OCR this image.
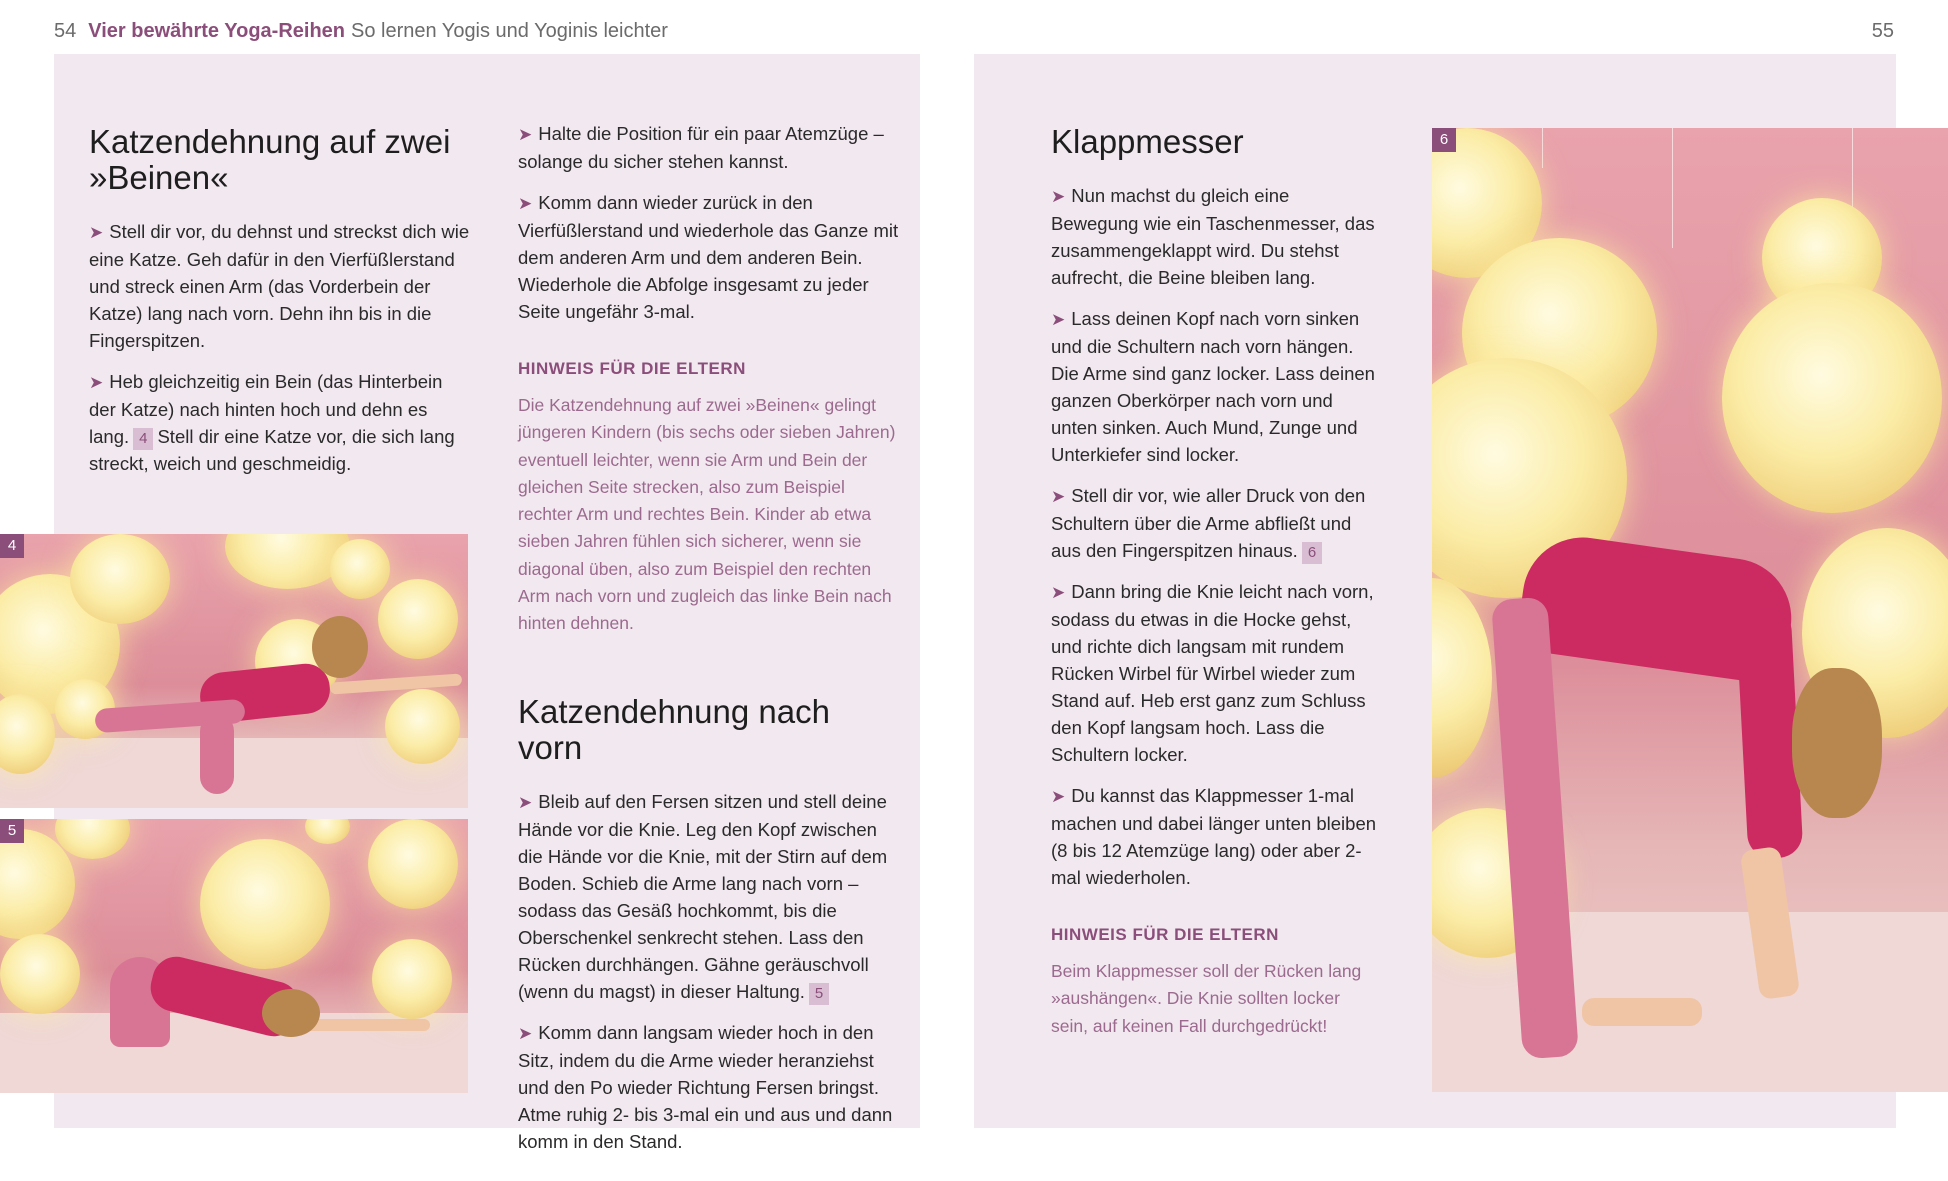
54 Vier bewährte Yoga-Reihen So lernen Yogis und Yoginis leichter	55
Katzendehnung auf zwei »Beinen«

➤ Stell dir vor, du dehnst und streckst dich wie eine Katze. Geh dafür in den Vierfüßlerstand und streck einen Arm (das Vorderbein der Katze) lang nach vorn. Dehn ihn bis in die Fingerspitzen.

➤ Heb gleichzeitig ein Bein (das Hinterbein der Katze) nach hinten hoch und dehn es lang. 4 Stell dir eine Katze vor, die sich lang streckt, weich und geschmeidig.

4
5

➤ Halte die Position für ein paar Atemzüge – solange du sicher stehen kannst.

➤ Komm dann wieder zurück in den Vierfüßlerstand und wiederhole das Ganze mit dem anderen Arm und dem anderen Bein. Wiederhole die Abfolge insgesamt zu jeder Seite ungefähr 3-mal.

HINWEIS FÜR DIE ELTERN
Die Katzendehnung auf zwei »Beinen« gelingt jüngeren Kindern (bis sechs oder sieben Jahren) eventuell leichter, wenn sie Arm und Bein der gleichen Seite strecken, also zum Beispiel rechter Arm und rechtes Bein. Kinder ab etwa sieben Jahren fühlen sich sicherer, wenn sie diagonal üben, also zum Beispiel den rechten Arm nach vorn und zugleich das linke Bein nach hinten dehnen.
Katzendehnung nach vorn

➤ Bleib auf den Fersen sitzen und stell deine Hände vor die Knie. Leg den Kopf zwischen die Hände vor die Knie, mit der Stirn auf dem Boden. Schieb die Arme lang nach vorn – sodass das Gesäß hochkommt, bis die Oberschenkel senkrecht stehen. Lass den Rücken durchhängen. Gähne geräuschvoll (wenn du magst) in dieser Haltung. 5

➤ Komm dann langsam wieder hoch in den Sitz, indem du die Arme wieder heranziehst und den Po wieder Richtung Fersen bringst. Atme ruhig 2- bis 3-mal ein und aus und dann komm in den Stand.

Klappmesser

➤ Nun machst du gleich eine Bewegung wie ein Taschenmesser, das zusammengeklappt wird. Du stehst aufrecht, die Beine bleiben lang.

➤ Lass deinen Kopf nach vorn sinken und die Schultern nach vorn hängen. Die Arme sind ganz locker. Lass deinen ganzen Oberkörper nach vorn und unten sinken. Auch Mund, Zunge und Unterkiefer sind locker.

➤ Stell dir vor, wie aller Druck von den Schultern über die Arme abfließt und aus den Fingerspitzen hinaus. 6

➤ Dann bring die Knie leicht nach vorn, sodass du etwas in die Hocke gehst, und richte dich langsam mit rundem Rücken Wirbel für Wirbel wieder zum Stand auf. Heb erst ganz zum Schluss den Kopf langsam hoch. Lass die Schultern locker.

➤ Du kannst das Klappmesser 1-mal machen und dabei länger unten bleiben (8 bis 12 Atemzüge lang) oder aber 2-mal wiederholen.

HINWEIS FÜR DIE ELTERN
Beim Klappmesser soll der Rücken lang »aushängen«. Die Knie sollten locker sein, auf keinen Fall durchgedrückt!
6
